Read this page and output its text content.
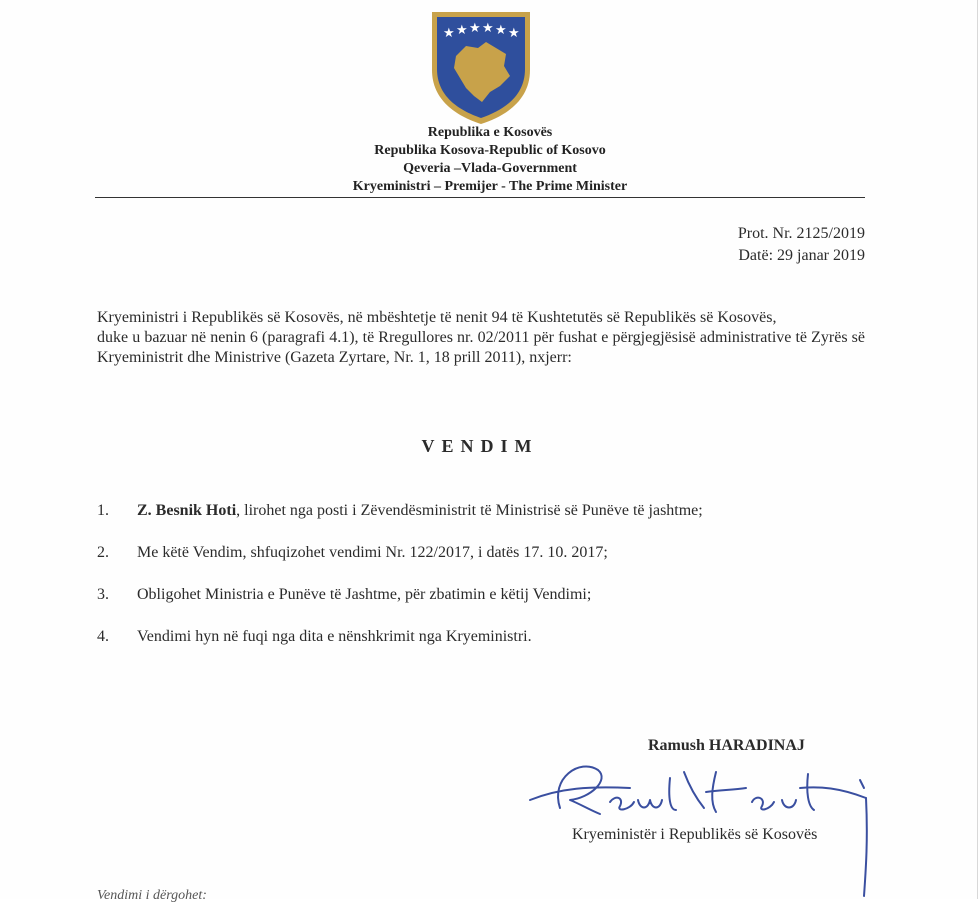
★ ★ ★ ★ ★ ★
Republika e Kosovës
Republika Kosova-Republic of Kosovo
Qeveria –Vlada-Government
Kryeministri – Premijer - The Prime Minister
Prot. Nr. 2125/2019
Datë: 29 janar 2019

Kryeministri i Republikës së Kosovës, në mbështetje të nenit 94 të Kushtetutës së Republikës së Kosovës,

duke u bazuar në nenin 6 (paragrafi 4.1), të Rregullores nr. 02/2011 për fushat e përgjegjësisë administrative të Zyrës së Kryeministrit dhe Ministrive (Gazeta Zyrtare, Nr. 1, 18 prill 2011), nxjerr:

VENDIM
1. Z. Besnik Hoti, lirohet nga posti i Zëvendësministrit të Ministrisë së Punëve të jashtme;
2. Me këtë Vendim, shfuqizohet vendimi Nr. 122/2017, i datës 17. 10. 2017;
3. Obligohet Ministria e Punëve të Jashtme, për zbatimin e këtij Vendimi;
4. Vendimi hyn në fuqi nga dita e nënshkrimit nga Kryeministri.
Ramush HARADINAJ
Kryeministër i Republikës së Kosovës
Vendimi i dërgohet:
